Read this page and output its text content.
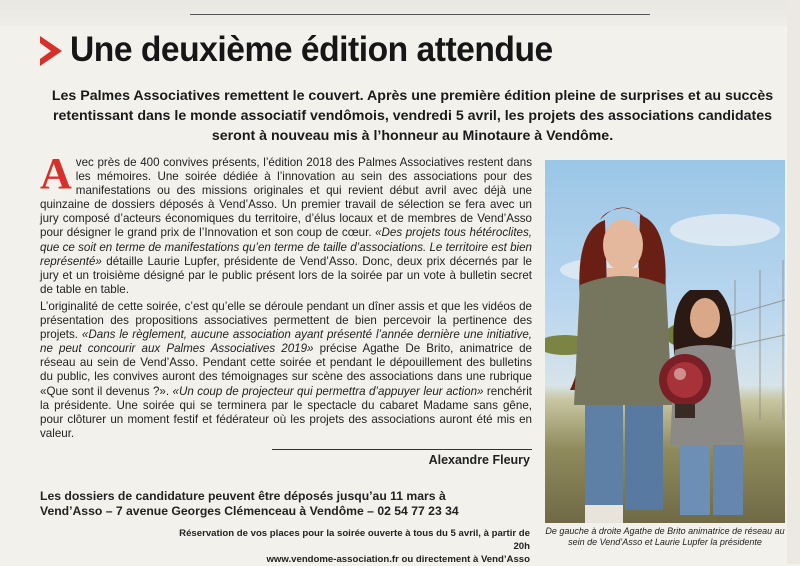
Une deuxième édition attendue
Les Palmes Associatives remettent le couvert. Après une première édition pleine de surprises et au succès retentissant dans le monde associatif vendômois, vendredi 5 avril, les projets des associations candidates seront à nouveau mis à l’honneur au Minotaure à Vendôme.

Avec près de 400 convives présents, l’édition 2018 des Palmes Associatives restent dans les mémoires. Une soirée dédiée à l’innovation au sein des associations pour des manifestations ou des missions originales et qui revient début avril avec déjà une quinzaine de dossiers déposés à Vend’Asso. Un premier travail de sélection se fera avec un jury composé d’acteurs économiques du territoire, d’élus locaux et de membres de Vend’Asso pour désigner le grand prix de l’Innovation et son coup de cœur. «Des projets tous hétéroclites, que ce soit en terme de manifestations qu’en terme de taille d’associations. Le territoire est bien représenté» détaille Laurie Lupfer, présidente de Vend’Asso. Donc, deux prix décernés par le jury et un troisième désigné par le public présent lors de la soirée par un vote à bulletin secret de table en table.

L’originalité de cette soirée, c’est qu’elle se déroule pendant un dîner assis et que les vidéos de présentation des propositions associatives permettent de bien percevoir la pertinence des projets. «Dans le règlement, aucune association ayant présenté l’année dernière une initiative, ne peut concourir aux Palmes Associatives 2019» précise Agathe De Brito, animatrice de réseau au sein de Vend’Asso. Pendant cette soirée et pendant le dépouillement des bulletins du public, les convives auront des témoignages sur scène des associations dans une rubrique «Que sont il devenus ?». «Un coup de projecteur qui permettra d’appuyer leur action» renchérit la présidente. Une soirée qui se terminera par le spectacle du cabaret Madame sans gêne, pour clôturer un moment festif et fédérateur où les projets des associations auront été mis en valeur.

Alexandre Fleury
Les dossiers de candidature peuvent être déposés jusqu’au 11 mars à
Vend’Asso – 7 avenue Georges Clémenceau à Vendôme – 02 54 77 23 34
Réservation de vos places pour la soirée ouverte à tous du 5 avril, à partir de 20h
www.vendome-association.fr ou directement à Vend’Asso
De gauche à droite Agathe de Brito animatrice de réseau au sein de Vend’Asso et Laurie Lupfer la présidente
